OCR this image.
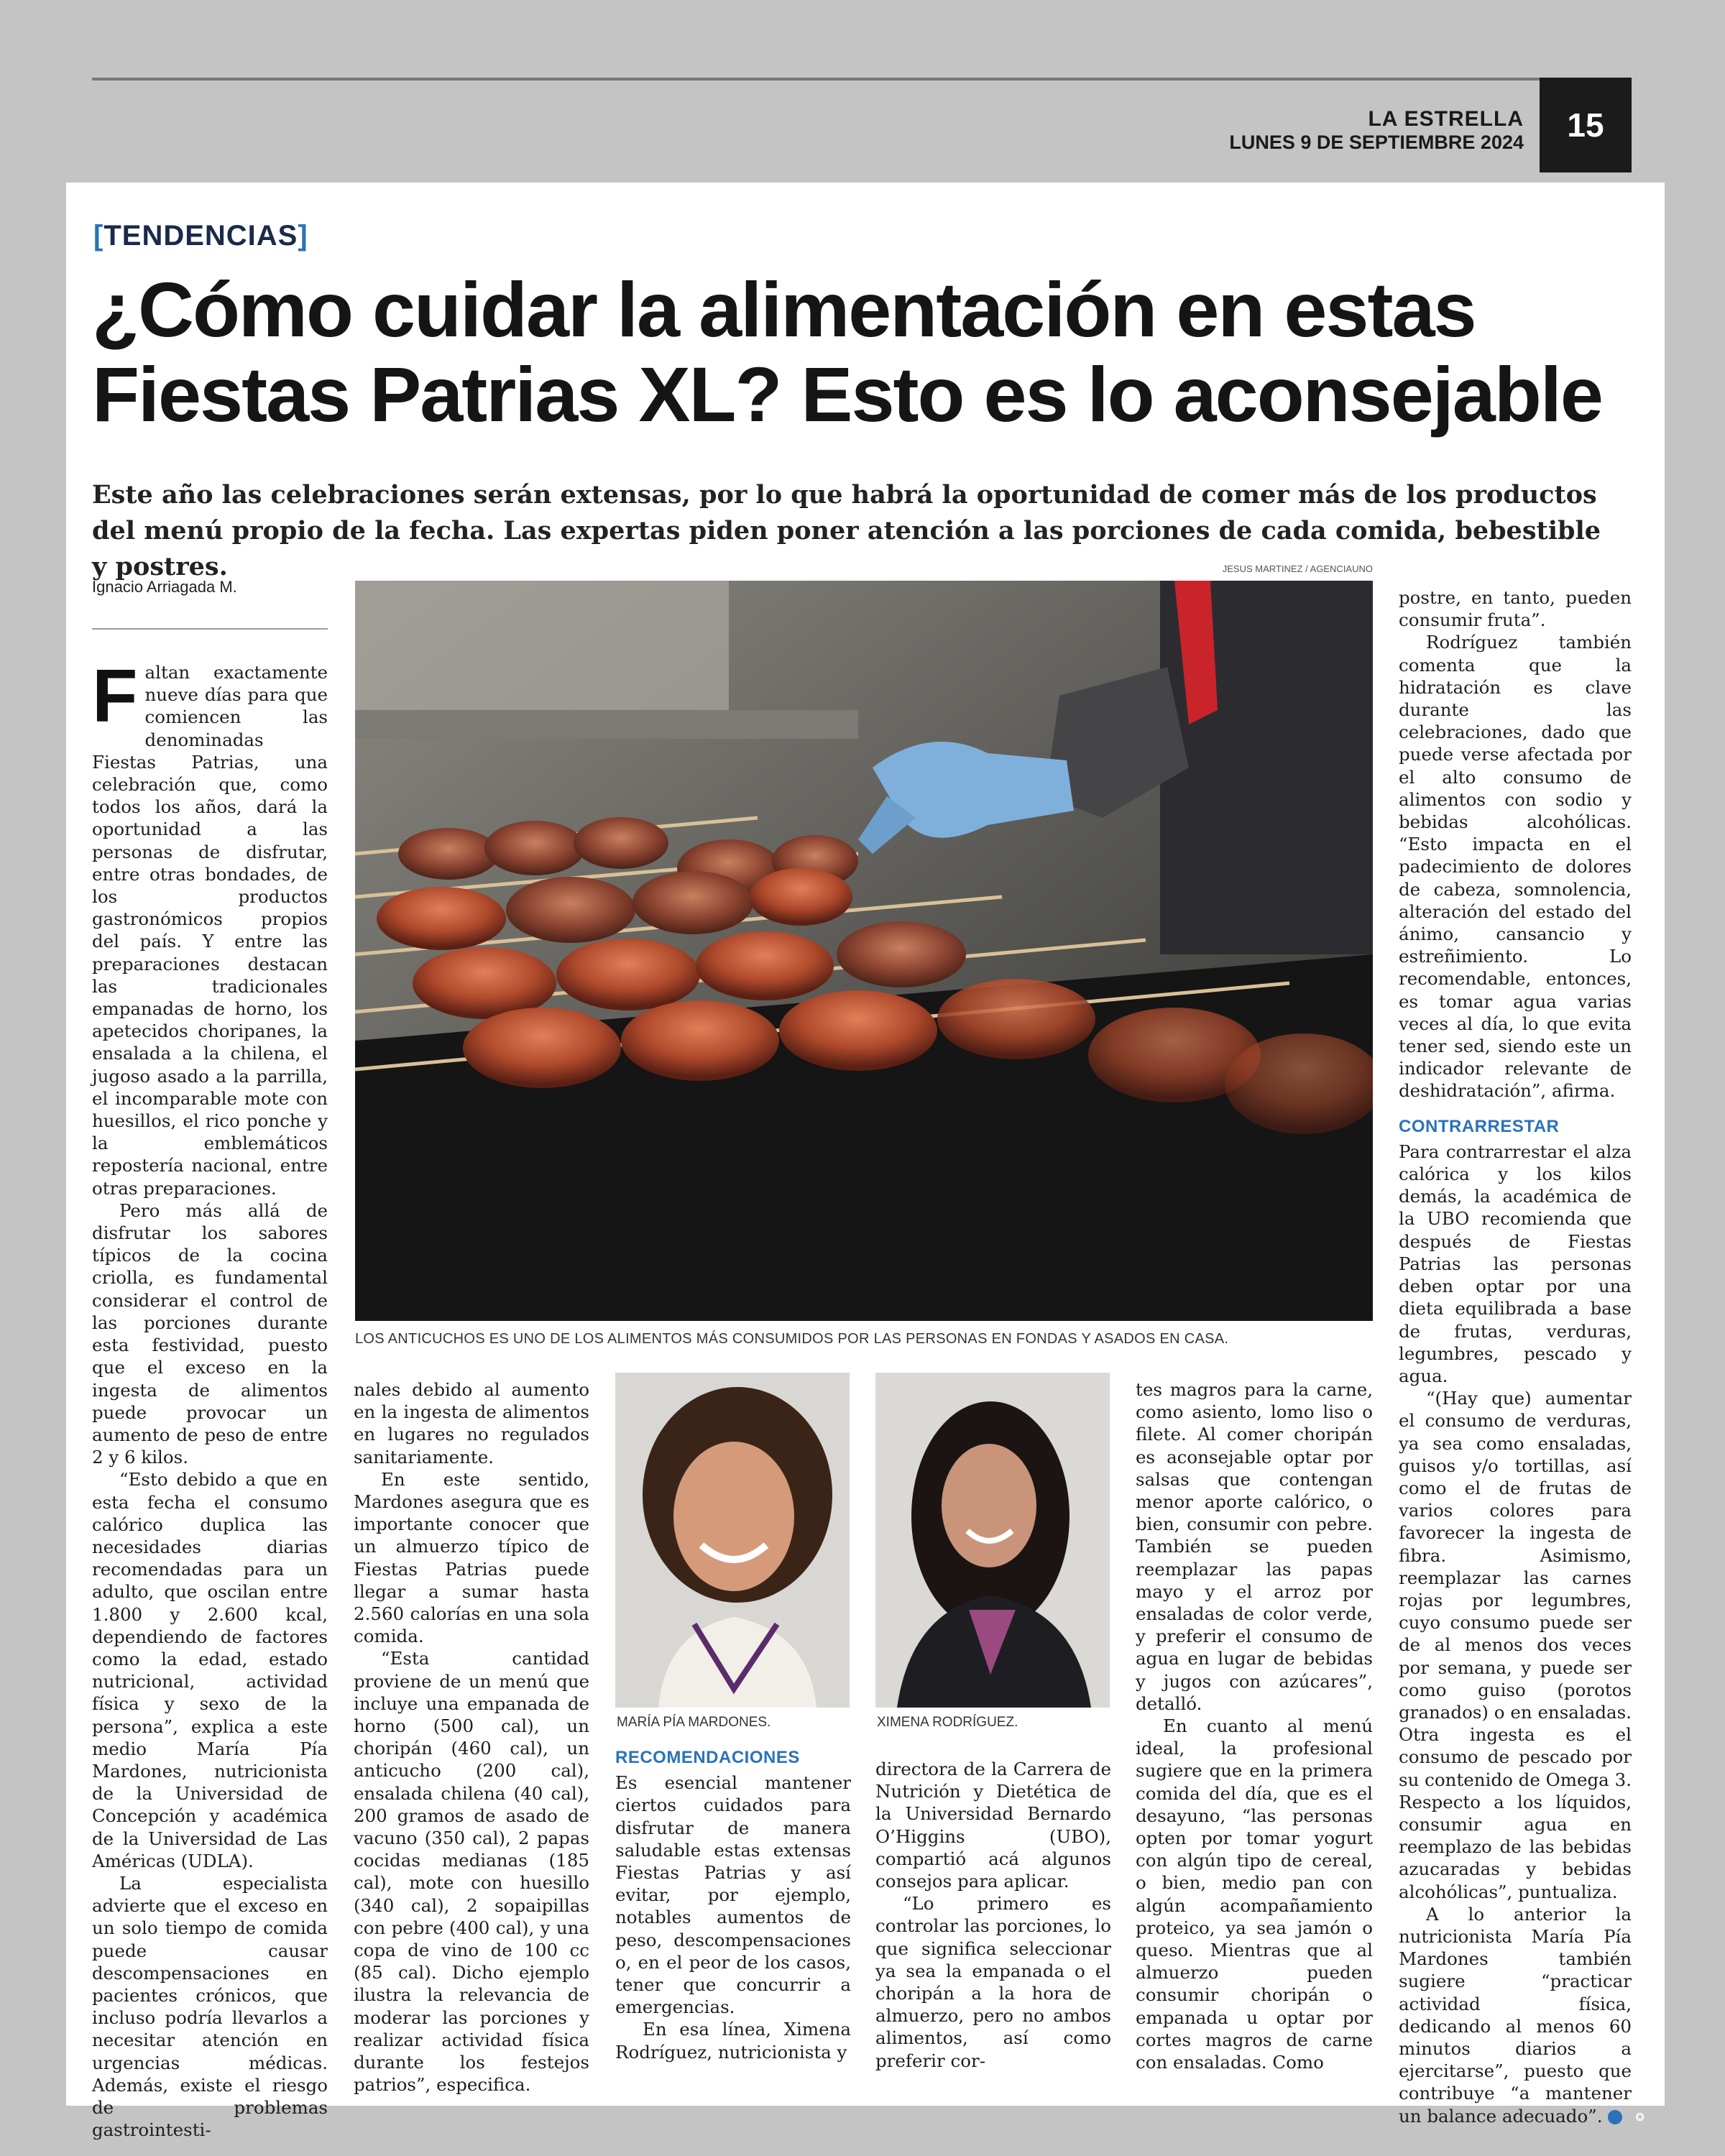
LA ESTRELLA
LUNES 9 DE SEPTIEMBRE 2024	15
[TENDENCIAS]
¿Cómo cuidar la alimentación en estas Fiestas Patrias XL? Esto es lo aconsejable

Este año las celebraciones serán extensas, por lo que habrá la oportunidad de comer más de los productos del menú propio de la fecha. Las expertas piden poner atención a las porciones de cada comida, bebestible y postres.

Ignacio Arriagada M.
JESUS MARTINEZ / AGENCIAUNO
LOS ANTICUCHOS ES UNO DE LOS ALIMENTOS MÁS CONSUMIDOS POR LAS PERSONAS EN FONDAS Y ASADOS EN CASA.

Faltan exactamente nueve días para que comiencen las denominadas Fiestas Patrias, una celebración que, como todos los años, dará la oportunidad a las personas de disfrutar, entre otras bondades, de los productos gastronómicos propios del país. Y entre las preparaciones destacan las tradicionales empanadas de horno, los apetecidos choripanes, la ensalada a la chilena, el jugoso asado a la parrilla, el incomparable mote con huesillos, el rico ponche y la emblemáticos repostería nacional, entre otras preparaciones.

Pero más allá de disfrutar los sabores típicos de la cocina criolla, es fundamental considerar el control de las porciones durante esta festividad, puesto que el exceso en la ingesta de alimentos puede provocar un aumento de peso de entre 2 y 6 kilos.

“Esto debido a que en esta fecha el consumo calórico duplica las necesidades diarias recomendadas para un adulto, que oscilan entre 1.800 y 2.600 kcal, dependiendo de factores como la edad, estado nutricional, actividad física y sexo de la persona”, explica a este medio María Pía Mardones, nutricionista de la Universidad de Concepción y académica de la Universidad de Las Américas (UDLA).

La especialista advierte que el exceso en un solo tiempo de comida puede causar descompensaciones en pacientes crónicos, que incluso podría llevarlos a necesitar atención en urgencias médicas. Además, existe el riesgo de problemas gastrointesti-

nales debido al aumento en la ingesta de alimentos en lugares no regulados sanitariamente.

En este sentido, Mardones asegura que es importante conocer que un almuerzo típico de Fiestas Patrias puede llegar a sumar hasta 2.560 calorías en una sola comida.

“Esta cantidad proviene de un menú que incluye una empanada de horno (500 cal), un choripán (460 cal), un anticucho (200 cal), ensalada chilena (40 cal), 200 gramos de asado de vacuno (350 cal), 2 papas cocidas medianas (185 cal), mote con huesillo (340 cal), 2 sopaipillas con pebre (400 cal), y una copa de vino de 100 cc (85 cal). Dicho ejemplo ilustra la relevancia de moderar las porciones y realizar actividad física durante los festejos patrios”, especifica.

MARÍA PÍA MARDONES.	XIMENA RODRÍGUEZ.
RECOMENDACIONES

Es esencial mantener ciertos cuidados para disfrutar de manera saludable estas extensas Fiestas Patrias y así evitar, por ejemplo, notables aumentos de peso, descompensaciones o, en el peor de los casos, tener que concurrir a emergencias.

En esa línea, Ximena Rodríguez, nutricionista y

directora de la Carrera de Nutrición y Dietética de la Universidad Bernardo O’Higgins (UBO), compartió acá algunos consejos para aplicar.

“Lo primero es controlar las porciones, lo que significa seleccionar ya sea la empanada o el choripán a la hora de almuerzo, pero no ambos alimentos, así como preferir cor-

tes magros para la carne, como asiento, lomo liso o filete. Al comer choripán es aconsejable optar por salsas que contengan menor aporte calórico, o bien, consumir con pebre. También se pueden reemplazar las papas mayo y el arroz por ensaladas de color verde, y preferir el consumo de agua en lugar de bebidas y jugos con azúcares”, detalló.

En cuanto al menú ideal, la profesional sugiere que en la primera comida del día, que es el desayuno, “las personas opten por tomar yogurt con algún tipo de cereal, o bien, medio pan con algún acompañamiento proteico, ya sea jamón o queso. Mientras que al almuerzo pueden consumir choripán o empanada u optar por cortes magros de carne con ensaladas. Como

postre, en tanto, pueden consumir fruta”.

Rodríguez también comenta que la hidratación es clave durante las celebraciones, dado que puede verse afectada por el alto consumo de alimentos con sodio y bebidas alcohólicas. “Esto impacta en el padecimiento de dolores de cabeza, somnolencia, alteración del estado del ánimo, cansancio y estreñimiento. Lo recomendable, entonces, es tomar agua varias veces al día, lo que evita tener sed, siendo este un indicador relevante de deshidratación”, afirma.

CONTRARRESTAR

Para contrarrestar el alza calórica y los kilos demás, la académica de la UBO recomienda que después de Fiestas Patrias las personas deben optar por una dieta equilibrada a base de frutas, verduras, legumbres, pescado y agua.

“(Hay que) aumentar el consumo de verduras, ya sea como ensaladas, guisos y/o tortillas, así como el de frutas de varios colores para favorecer la ingesta de fibra. Asimismo, reemplazar las carnes rojas por legumbres, cuyo consumo puede ser de al menos dos veces por semana, y puede ser como guiso (porotos granados) o en ensaladas. Otra ingesta es el consumo de pescado por su contenido de Omega 3. Respecto a los líquidos, consumir agua en reemplazo de las bebidas azucaradas y bebidas alcohólicas”, puntualiza.

A lo anterior la nutricionista María Pía Mardones también sugiere “practicar actividad física, dedicando al menos 60 minutos diarios a ejercitarse”, puesto que contribuye “a mantener un balance adecuado”.	✪
